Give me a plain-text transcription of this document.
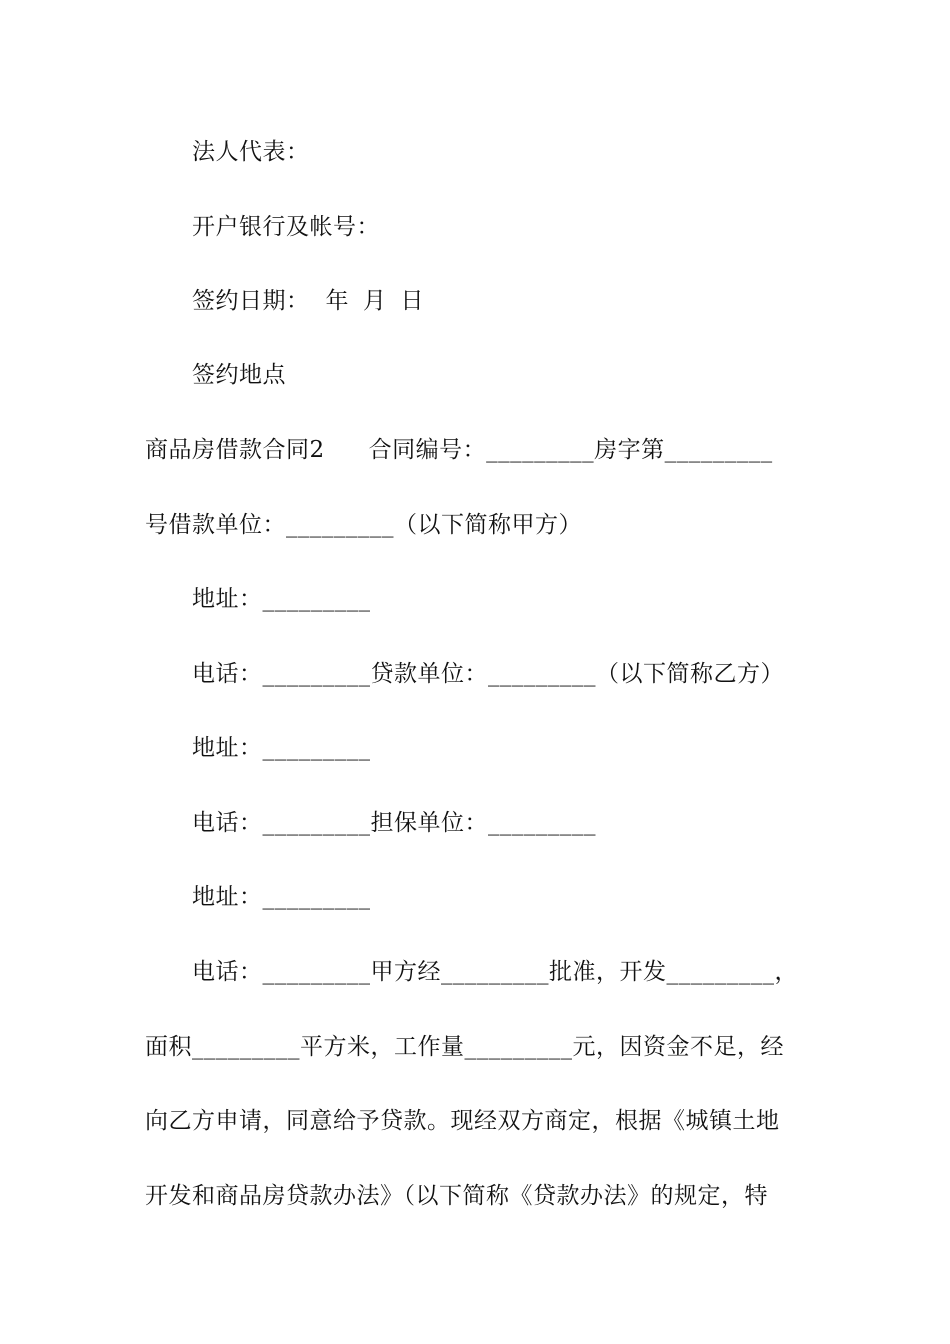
法人代表：
开户银行及帐号：
签约日期： 年 月 日
签约地点
商品房借款合同2 合同编号：_________房字第_________
号借款单位：_________（以下简称甲方）
地址：_________
电话：_________贷款单位：_________（以下简称乙方）
地址：_________
电话：_________担保单位：_________
地址：_________
电话：_________甲方经_________批准，开发_________，
面积_________平方米，工作量_________元，因资金不足，经
向乙方申请，同意给予贷款。现经双方商定，根据《城镇土地
开发和商品房贷款办法》（以下简称《贷款办法》的规定，特
